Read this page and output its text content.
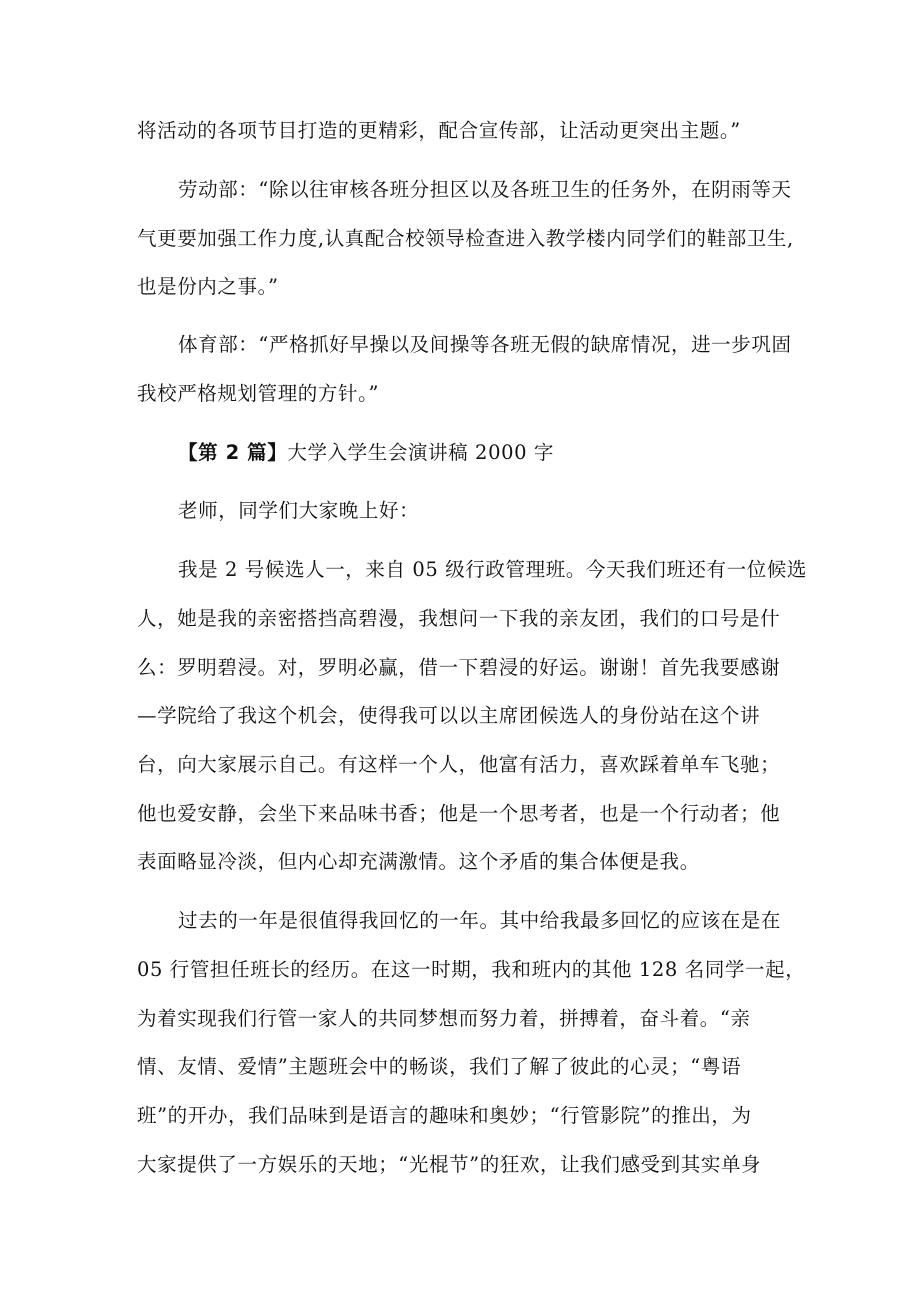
将活动的各项节目打造的更精彩，配合宣传部，让活动更突出主题。”
劳动部：“除以往审核各班分担区以及各班卫生的任务外，在阴雨等天
气更要加强工作力度,认真配合校领导检查进入教学楼内同学们的鞋部卫生,
也是份内之事。”
体育部：“严格抓好早操以及间操等各班无假的缺席情况，进一步巩固
我校严格规划管理的方针。”
【第 2 篇】大学入学生会演讲稿 2000 字
老师，同学们大家晚上好：
我是 2 号候选人一，来自 05 级行政管理班。今天我们班还有一位候选
人，她是我的亲密搭挡高碧漫，我想问一下我的亲友团，我们的口号是什
么：罗明碧浸。对，罗明必赢，借一下碧浸的好运。谢谢！首先我要感谢
—学院给了我这个机会，使得我可以以主席团候选人的身份站在这个讲
台，向大家展示自己。有这样一个人，他富有活力，喜欢踩着单车飞驰；
他也爱安静，会坐下来品味书香；他是一个思考者，也是一个行动者；他
表面略显冷淡，但内心却充满激情。这个矛盾的集合体便是我。
过去的一年是很值得我回忆的一年。其中给我最多回忆的应该在是在
05 行管担任班长的经历。在这一时期，我和班内的其他 128 名同学一起，
为着实现我们行管一家人的共同梦想而努力着，拼搏着，奋斗着。“亲
情、友情、爱情”主题班会中的畅谈，我们了解了彼此的心灵；“粤语
班”的开办，我们品味到是语言的趣味和奥妙；“行管影院”的推出，为
大家提供了一方娱乐的天地；“光棍节”的狂欢，让我们感受到其实单身
